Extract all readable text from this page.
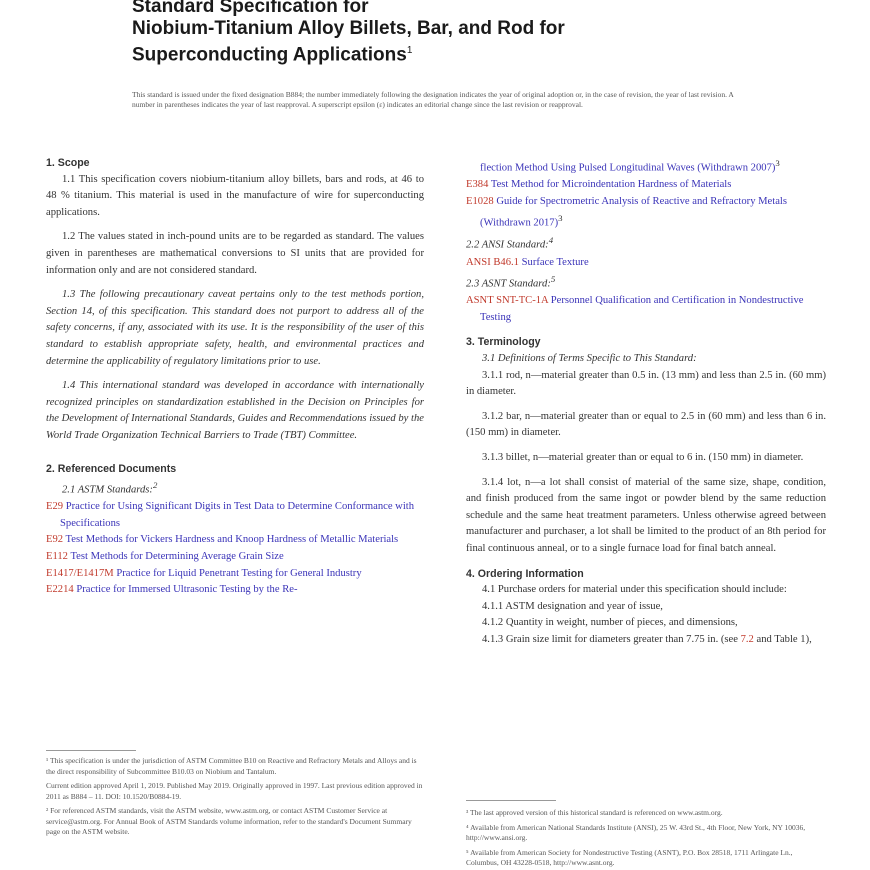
Standard Specification for
Niobium-Titanium Alloy Billets, Bar, and Rod for
Superconducting Applications$^1$
This standard is issued under the fixed designation B884; the number immediately following the designation indicates the year of original adoption or, in the case of revision, the year of last revision. A number in parentheses indicates the year of last reapproval. A superscript epsilon (ε) indicates an editorial change since the last revision or reapproval.

1. Scope

1.1 This specification covers niobium-titanium alloy billets, bars and rods, at 46 to 48 % titanium. This material is used in the manufacture of wire for superconducting applications.

1.2 The values stated in inch-pound units are to be regarded as standard. The values given in parentheses are mathematical conversions to SI units that are provided for information only and are not considered standard.

1.3 The following precautionary caveat pertains only to the test methods portion, Section 14, of this specification. This standard does not purport to address all of the safety concerns, if any, associated with its use. It is the responsibility of the user of this standard to establish appropriate safety, health, and environmental practices and determine the applicability of regulatory limitations prior to use.

1.4 This international standard was developed in accordance with internationally recognized principles on standardization established in the Decision on Principles for the Development of International Standards, Guides and Recommendations issued by the World Trade Organization Technical Barriers to Trade (TBT) Committee.

2. Referenced Documents

2.1 ASTM Standards:$^2$

E29 Practice for Using Significant Digits in Test Data to Determine Conformance with Specifications

E92 Test Methods for Vickers Hardness and Knoop Hardness of Metallic Materials

E112 Test Methods for Determining Average Grain Size

E1417/E1417M Practice for Liquid Penetrant Testing for General Industry

E2214 Practice for Immersed Ultrasonic Testing by the Re-

¹ This specification is under the jurisdiction of ASTM Committee B10 on Reactive and Refractory Metals and Alloys and is the direct responsibility of Subcommittee B10.03 on Niobium and Tantalum.
Current edition approved April 1, 2019. Published May 2019. Originally approved in 1997. Last previous edition approved in 2011 as B884 – 11. DOI: 10.1520/B0884-19.
² For referenced ASTM standards, visit the ASTM website, www.astm.org, or contact ASTM Customer Service at service@astm.org. For Annual Book of ASTM Standards volume information, refer to the standard's Document Summary page on the ASTM website.

flection Method Using Pulsed Longitudinal Waves (Withdrawn 2007)$^3$

E384 Test Method for Microindentation Hardness of Materials

E1028 Guide for Spectrometric Analysis of Reactive and Refractory Metals (Withdrawn 2017)$^3$

2.2 ANSI Standard:$^4$

ANSI B46.1 Surface Texture

2.3 ASNT Standard:$^5$

ASNT SNT-TC-1A Personnel Qualification and Certification in Nondestructive Testing

3. Terminology

3.1 Definitions of Terms Specific to This Standard:

3.1.1 rod, n—material greater than 0.5 in. (13 mm) and less than 2.5 in. (60 mm) in diameter.

3.1.2 bar, n—material greater than or equal to 2.5 in (60 mm) and less than 6 in. (150 mm) in diameter.

3.1.3 billet, n—material greater than or equal to 6 in. (150 mm) in diameter.

3.1.4 lot, n—a lot shall consist of material of the same size, shape, condition, and finish produced from the same ingot or powder blend by the same reduction schedule and the same heat treatment parameters. Unless otherwise agreed between manufacturer and purchaser, a lot shall be limited to the product of an 8th period for final continuous anneal, or to a single furnace load for final batch anneal.

4. Ordering Information

4.1 Purchase orders for material under this specification should include:

4.1.1 ASTM designation and year of issue,

4.1.2 Quantity in weight, number of pieces, and dimensions,

4.1.3 Grain size limit for diameters greater than 7.75 in. (see 7.2 and Table 1),

³ The last approved version of this historical standard is referenced on www.astm.org.
⁴ Available from American National Standards Institute (ANSI), 25 W. 43rd St., 4th Floor, New York, NY 10036, http://www.ansi.org.
⁵ Available from American Society for Nondestructive Testing (ASNT), P.O. Box 28518, 1711 Arlingate Ln., Columbus, OH 43228-0518, http://www.asnt.org.
